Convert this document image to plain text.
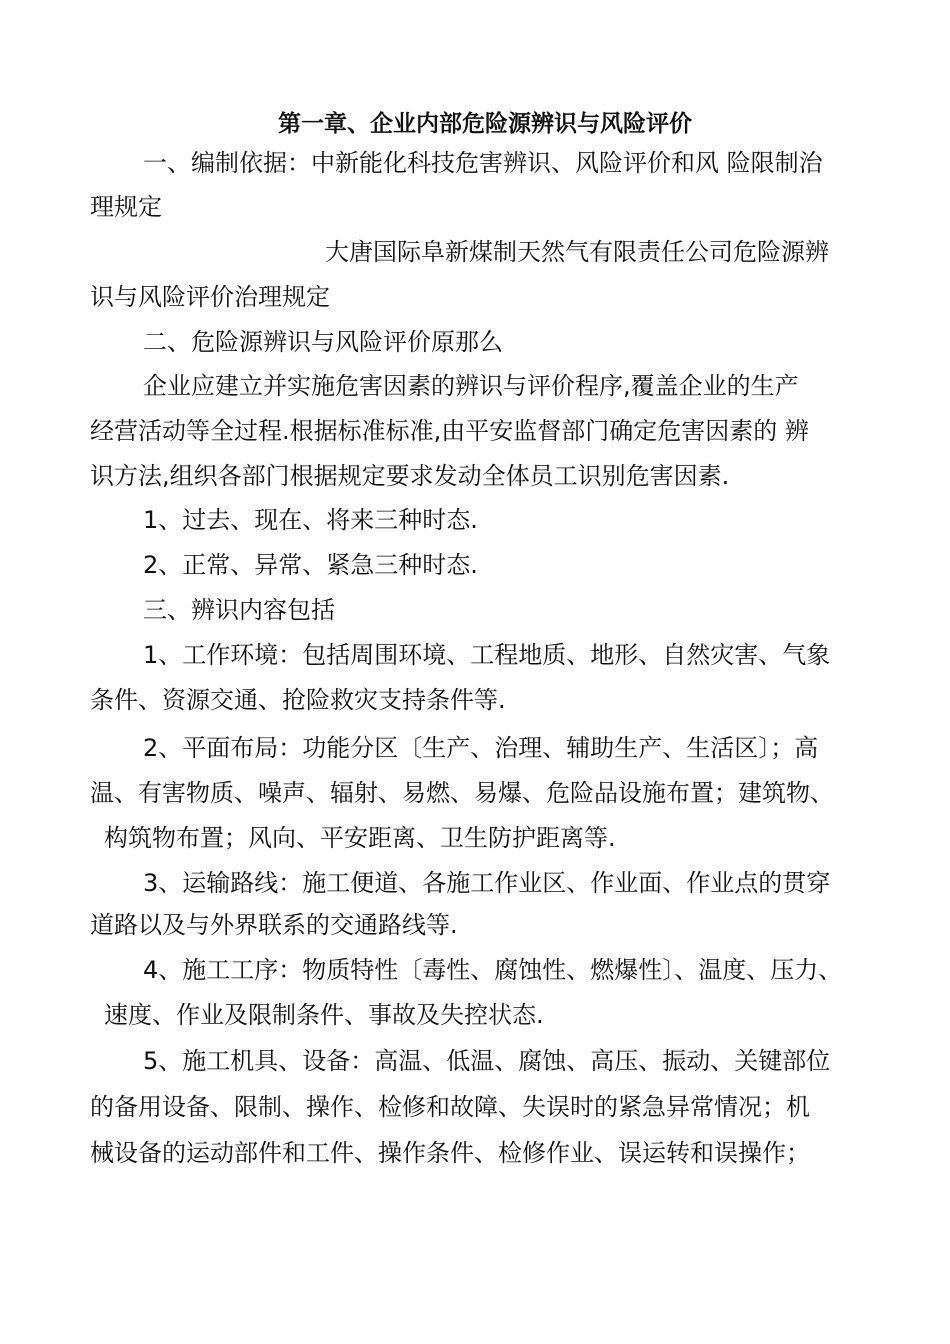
第一章、企业内部危险源辨识与风险评价
一、编制依据：中新能化科技危害辨识、风险评价和风 险限制治
理规定
大唐国际阜新煤制天然气有限责任公司危险源辨
识与风险评价治理规定
二、危险源辨识与风险评价原那么
企业应建立并实施危害因素的辨识与评价程序,覆盖企业的生产
经营活动等全过程.根据标准标准,由平安监督部门确定危害因素的 辨
识方法,组织各部门根据规定要求发动全体员工识别危害因素.
1、过去、现在、将来三种时态.
2、正常、异常、紧急三种时态.
三、辨识内容包括
1、工作环境：包括周围环境、工程地质、地形、自然灾害、气象
条件、资源交通、抢险救灾支持条件等.
2、平面布局：功能分区〔生产、治理、辅助生产、生活区〕；高
温、有害物质、噪声、辐射、易燃、易爆、危险品设施布置；建筑物、
构筑物布置；风向、平安距离、卫生防护距离等.
3、运输路线：施工便道、各施工作业区、作业面、作业点的贯穿
道路以及与外界联系的交通路线等.
4、施工工序：物质特性〔毒性、腐蚀性、燃爆性〕、温度、压力、
速度、作业及限制条件、事故及失控状态.
5、施工机具、设备：高温、低温、腐蚀、高压、振动、关键部位
的备用设备、限制、操作、检修和故障、失误时的紧急异常情况；机
械设备的运动部件和工件、操作条件、检修作业、误运转和误操作；
